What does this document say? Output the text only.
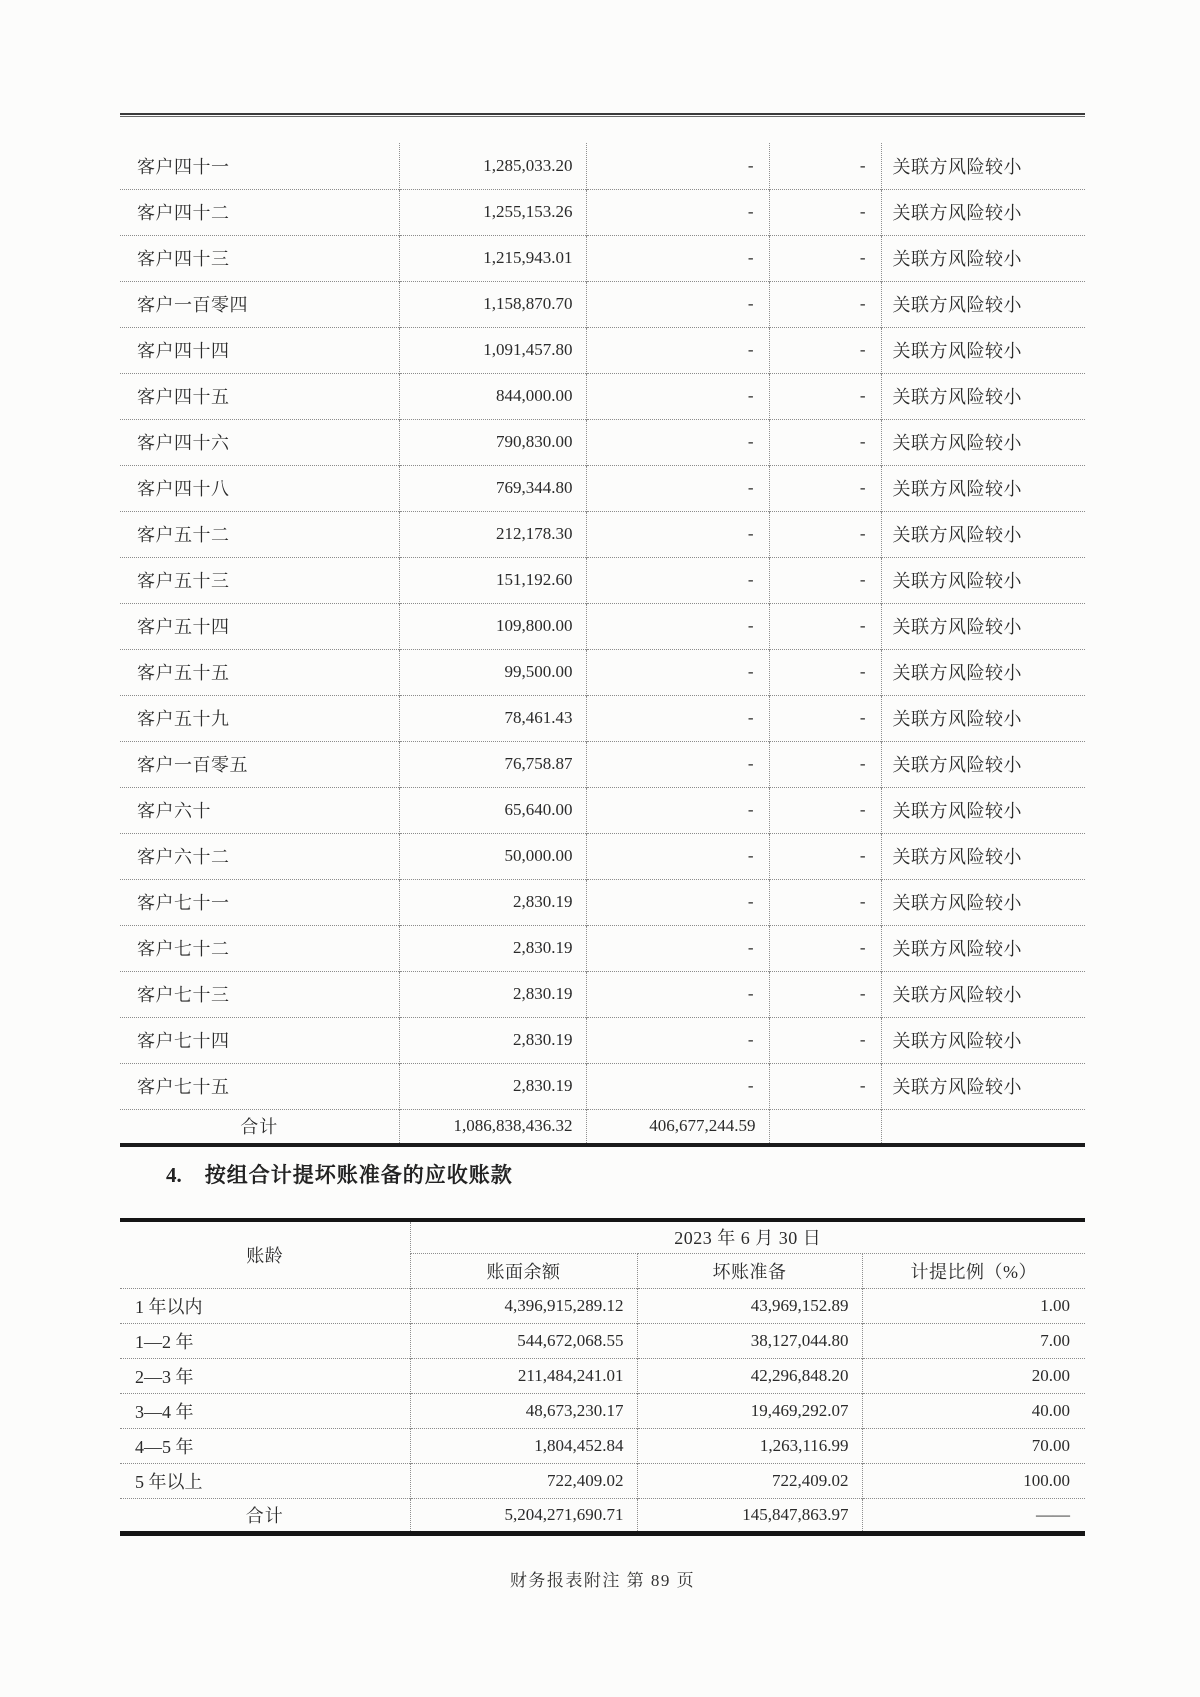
客户四十一	1,285,033.20	-	-	关联方风险较小
客户四十二	1,255,153.26	-	-	关联方风险较小
客户四十三	1,215,943.01	-	-	关联方风险较小
客户一百零四	1,158,870.70	-	-	关联方风险较小
客户四十四	1,091,457.80	-	-	关联方风险较小
客户四十五	844,000.00	-	-	关联方风险较小
客户四十六	790,830.00	-	-	关联方风险较小
客户四十八	769,344.80	-	-	关联方风险较小
客户五十二	212,178.30	-	-	关联方风险较小
客户五十三	151,192.60	-	-	关联方风险较小
客户五十四	109,800.00	-	-	关联方风险较小
客户五十五	99,500.00	-	-	关联方风险较小
客户五十九	78,461.43	-	-	关联方风险较小
客户一百零五	76,758.87	-	-	关联方风险较小
客户六十	65,640.00	-	-	关联方风险较小
客户六十二	50,000.00	-	-	关联方风险较小
客户七十一	2,830.19	-	-	关联方风险较小
客户七十二	2,830.19	-	-	关联方风险较小
客户七十三	2,830.19	-	-	关联方风险较小
客户七十四	2,830.19	-	-	关联方风险较小
客户七十五	2,830.19	-	-	关联方风险较小
合计	1,086,838,436.32	406,677,244.59		
4. 按组合计提坏账准备的应收账款
账龄	2023 年 6 月 30 日		
	账面余额	坏账准备	计提比例（%）
1 年以内	4,396,915,289.12	43,969,152.89	1.00
1—2 年	544,672,068.55	38,127,044.80	7.00
2—3 年	211,484,241.01	42,296,848.20	20.00
3—4 年	48,673,230.17	19,469,292.07	40.00
4—5 年	1,804,452.84	1,263,116.99	70.00
5 年以上	722,409.02	722,409.02	100.00
合计	5,204,271,690.71	145,847,863.97	——
财务报表附注 第 89 页
